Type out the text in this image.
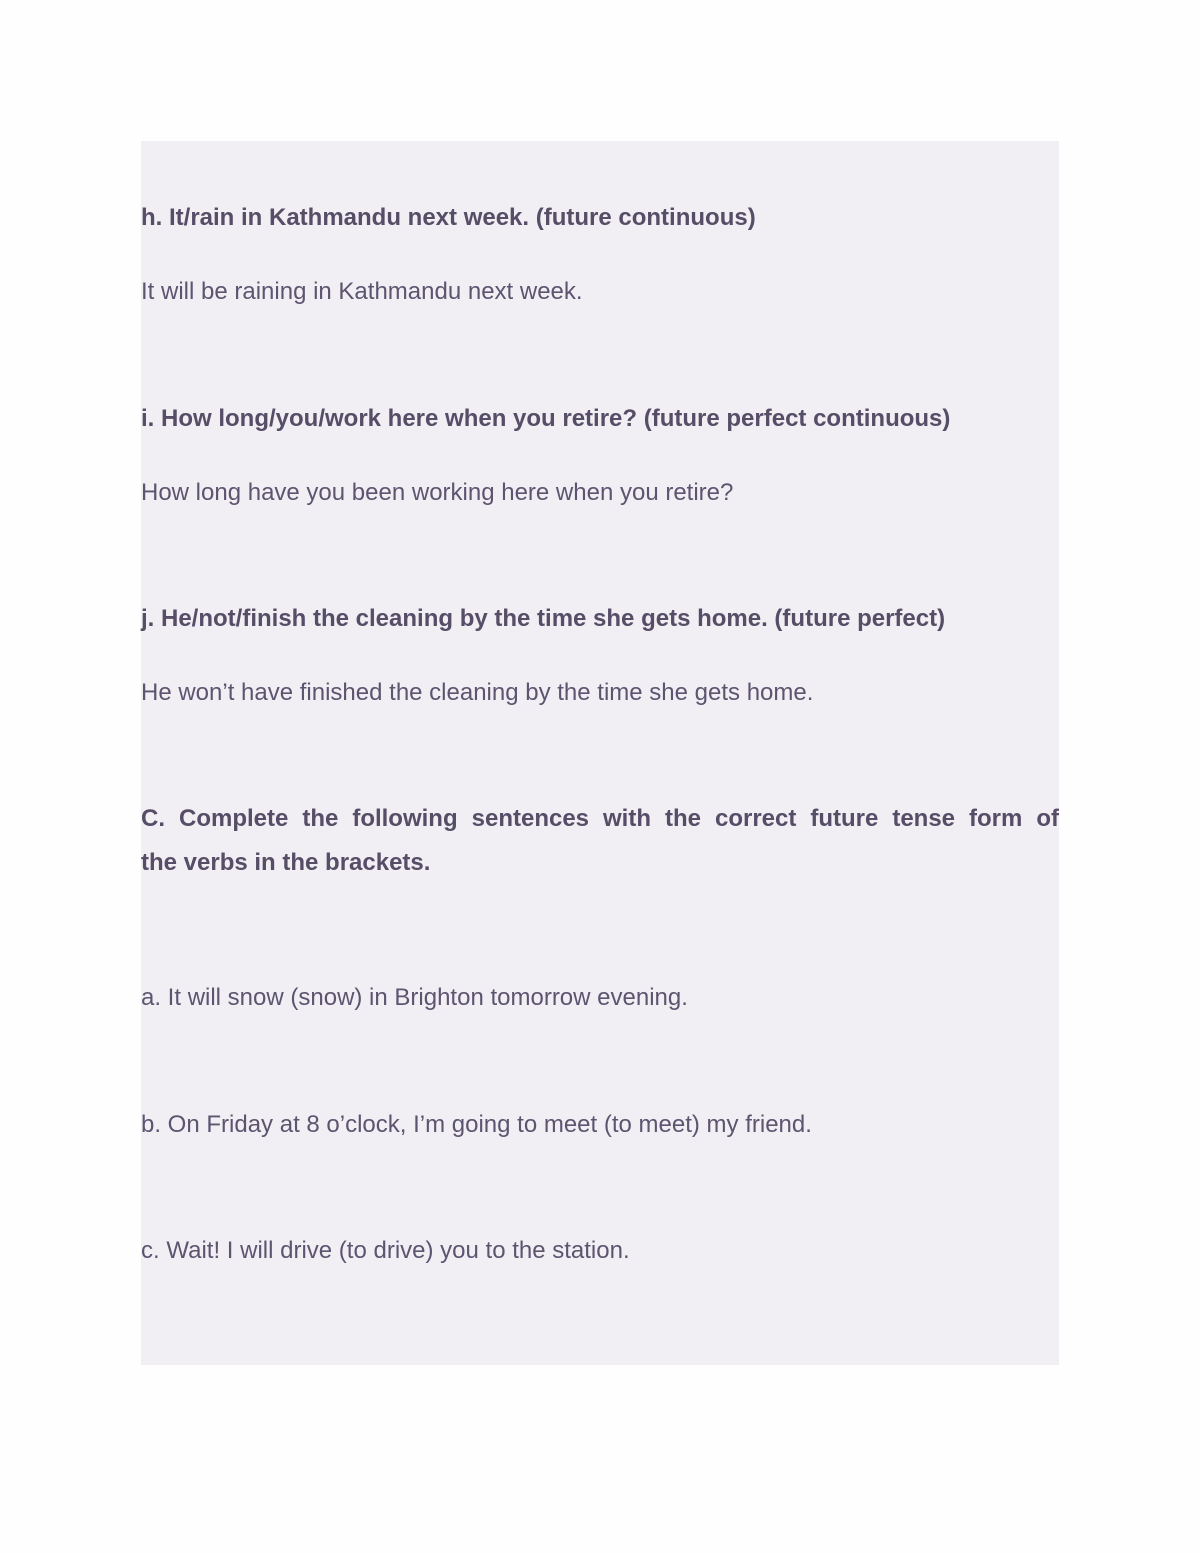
h. It/rain in Kathmandu next week. (future continuous)

It will be raining in Kathmandu next week.

i. How long/you/work here when you retire? (future perfect continuous)

How long have you been working here when you retire?

j. He/not/finish the cleaning by the time she gets home. (future perfect)

He won’t have finished the cleaning by the time she gets home.

C. Complete the following sentences with the correct future tense form of
the verbs in the brackets.

a. It will snow (snow) in Brighton tomorrow evening.

b. On Friday at 8 o’clock, I’m going to meet (to meet) my friend.

c. Wait! I will drive (to drive) you to the station.
